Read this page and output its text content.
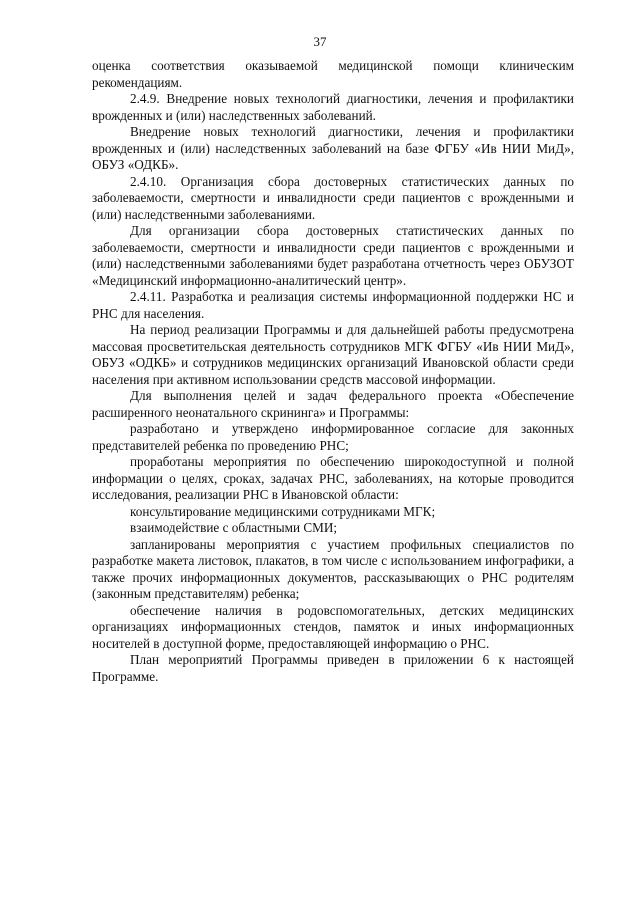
37

оценка соответствия оказываемой медицинской помощи клиническим рекомендациям.

2.4.9. Внедрение новых технологий диагностики, лечения и профилактики врожденных и (или) наследственных заболеваний.

Внедрение новых технологий диагностики, лечения и профилактики врожденных и (или) наследственных заболеваний на базе ФГБУ «Ив НИИ МиД», ОБУЗ «ОДКБ».

2.4.10. Организация сбора достоверных статистических данных по заболеваемости, смертности и инвалидности среди пациентов с врожденными и (или) наследственными заболеваниями.

Для организации сбора достоверных статистических данных по заболеваемости, смертности и инвалидности среди пациентов с врожденными и (или) наследственными заболеваниями будет разработана отчетность через ОБУЗОТ «Медицинский информационно-аналитический центр».

2.4.11. Разработка и реализация системы информационной поддержки НС и РНС для населения.

На период реализации Программы и для дальнейшей работы предусмотрена массовая просветительская деятельность сотрудников МГК ФГБУ «Ив НИИ МиД», ОБУЗ «ОДКБ» и сотрудников медицинских организаций Ивановской области среди населения при активном использовании средств массовой информации.

Для выполнения целей и задач федерального проекта «Обеспечение расширенного неонатального скрининга» и Программы:

разработано и утверждено информированное согласие для законных представителей ребенка по проведению РНС;

проработаны мероприятия по обеспечению широкодоступной и полной информации о целях, сроках, задачах РНС, заболеваниях, на которые проводится исследования, реализации РНС в Ивановской области:

консультирование медицинскими сотрудниками МГК;

взаимодействие с областными СМИ;

запланированы мероприятия с участием профильных специалистов по разработке макета листовок, плакатов, в том числе с использованием инфографики, а также прочих информационных документов, рассказывающих о РНС родителям (законным представителям) ребенка;

обеспечение наличия в родовспомогательных, детских медицинских организациях информационных стендов, памяток и иных информационных носителей в доступной форме, предоставляющей информацию о РНС.

План мероприятий Программы приведен в приложении 6 к настоящей Программе.
